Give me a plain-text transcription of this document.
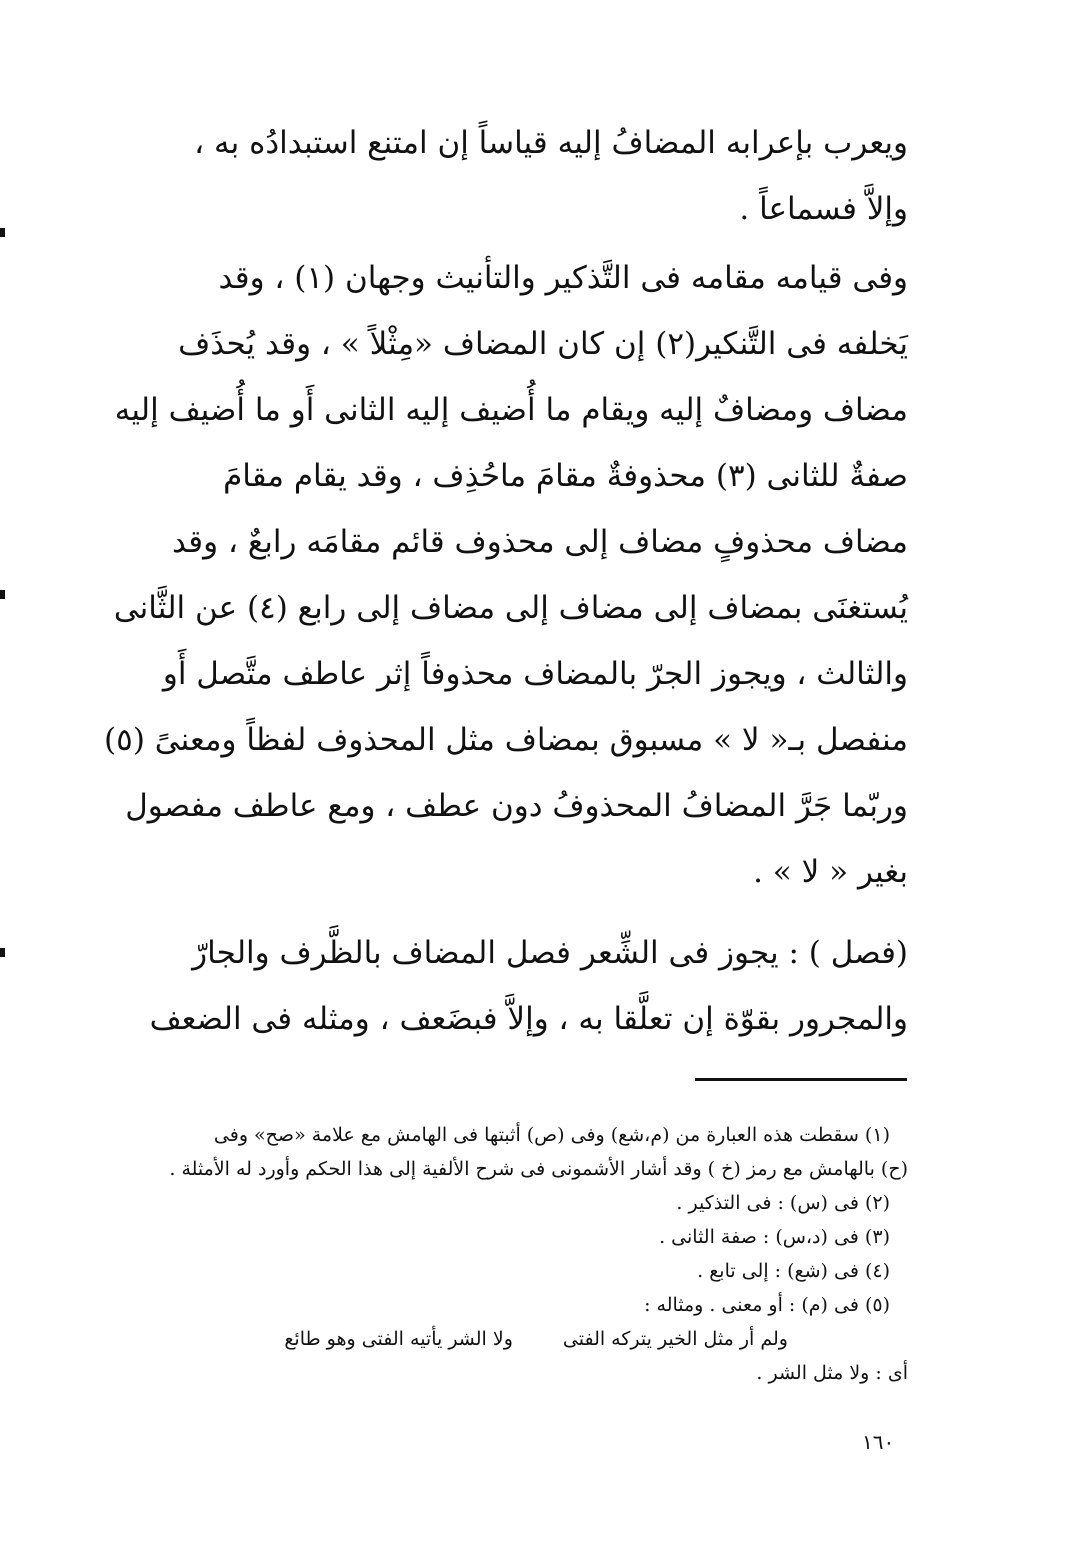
ويعرب بإعرابه المضافُ إليه قياساً إن امتنع استبدادُه به ،
وإلاَّ فسماعاً .
وفى قيامه مقامه فى التَّذكير والتأنيث وجهان (١) ، وقد
يَخلفه فى التَّنكير(٢) إن كان المضاف «مِثْلاً » ، وقد يُحذَف
مضاف ومضافٌ إليه ويقام ما أُضيف إليه الثانى أَو ما أُضيف إليه
صفةٌ للثانى (٣) محذوفةٌ مقامَ ماحُذِف ، وقد يقام مقامَ
مضاف محذوفٍ مضاف إلى محذوف قائم مقامَه رابعٌ ، وقد
يُستغنَى بمضاف إلى مضاف إلى مضاف إلى رابع (٤) عن الثَّانى
والثالث ، ويجوز الجرّ بالمضاف محذوفاً إثر عاطف متَّصل أَو
منفصل بـ« لا » مسبوق بمضاف مثل المحذوف لفظاً ومعنىً (٥)
وربّما جَرَّ المضافُ المحذوفُ دون عطف ، ومع عاطف مفصول
بغير « لا » .
(فصل ) : يجوز فى الشِّعر فصل المضاف بالظَّرف والجارّ
والمجرور بقوّة إن تعلَّقا به ، وإلاَّ فبضَعف ، ومثله فى الضعف
(١) سقطت هذه العبارة من (م،شع) وفى (ص) أثبتها فى الهامش مع علامة «صح» وفى
(ح) بالهامش مع رمز (خ ) وقد أشار الأشمونى فى شرح الألفية إلى هذا الحكم وأورد له الأمثلة .
(٢) فى (س) : فى التذكير .
(٣) فى (د،س) : صفة الثانى .
(٤) فى (شع) : إلى تابع .
(٥) فى (م) : أو معنى . ومثاله :
ولم أر مثل الخير يتركه الفتى
ولا الشر يأتيه الفتى وهو طائع
أى : ولا مثل الشر .
١٦٠
